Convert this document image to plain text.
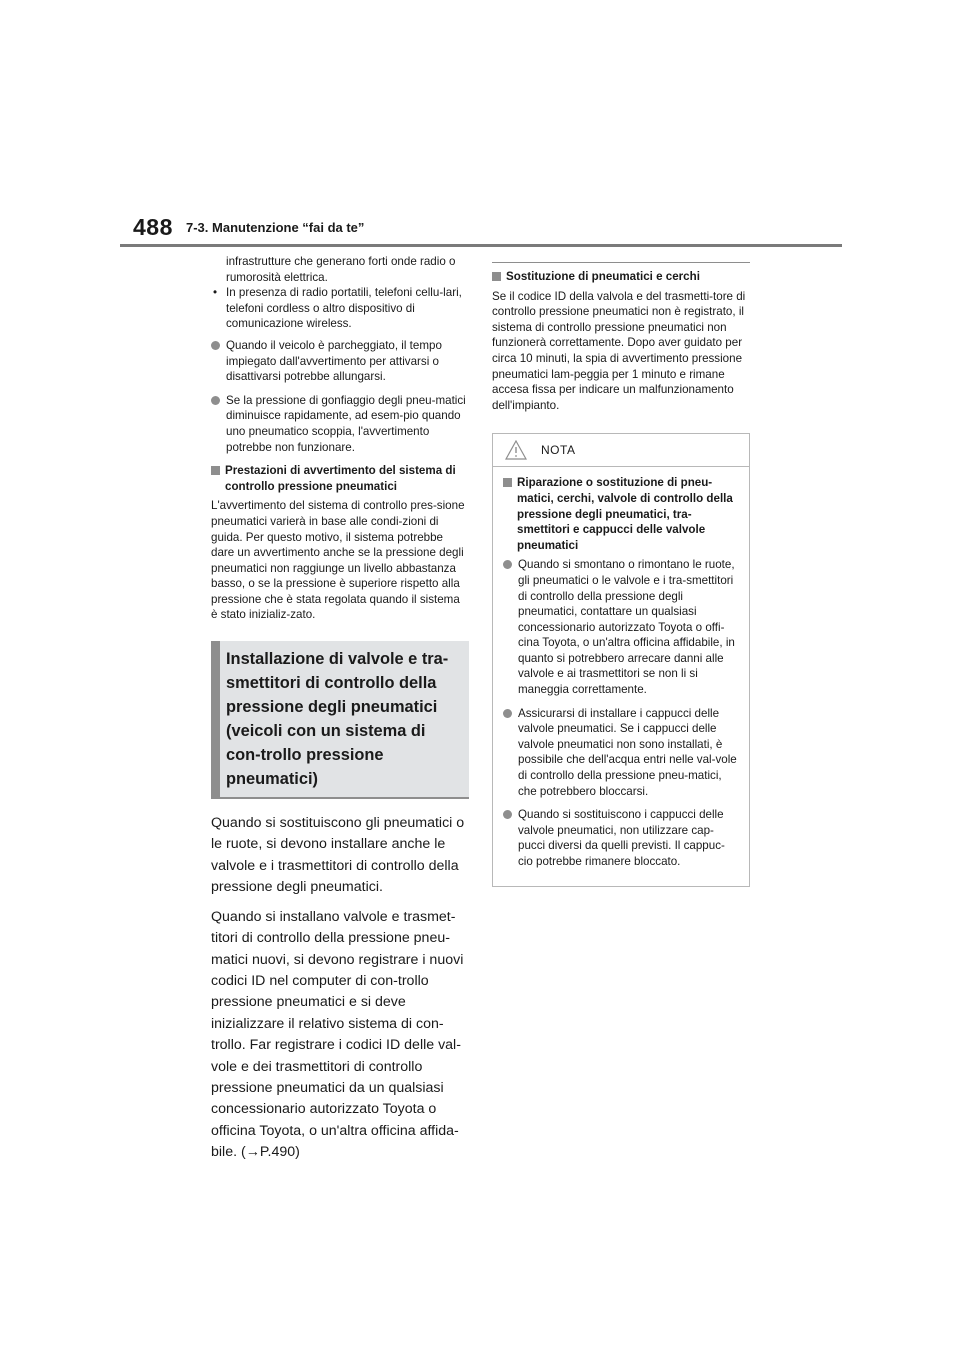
488 7-3. Manutenzione “fai da te”
infrastrutture che generano forti onde radio o rumorosità elettrica.
• In presenza di radio portatili, telefoni cellu-lari, telefoni cordless o altro dispositivo di comunicazione wireless.
Quando il veicolo è parcheggiato, il tempo impiegato dall'avvertimento per attivarsi o disattivarsi potrebbe allungarsi.
Se la pressione di gonfiaggio degli pneu-matici diminuisce rapidamente, ad esem-pio quando uno pneumatico scoppia, l'avvertimento potrebbe non funzionare.
Prestazioni di avvertimento del sistema di controllo pressione pneumatici

L'avvertimento del sistema di controllo pres-sione pneumatici varierà in base alle condi-zioni di guida. Per questo motivo, il sistema potrebbe dare un avvertimento anche se la pressione degli pneumatici non raggiunge un livello abbastanza basso, o se la pressione è superiore rispetto alla pressione che è stata regolata quando il sistema è stato inizializ-zato.

Installazione di valvole e tra-smettitori di controllo della pressione degli pneumatici (veicoli con un sistema di con-trollo pressione pneumatici)

Quando si sostituiscono gli pneumatici o le ruote, si devono installare anche le valvole e i trasmettitori di controllo della pressione degli pneumatici.

Quando si installano valvole e trasmet-titori di controllo della pressione pneu-matici nuovi, si devono registrare i nuovi codici ID nel computer di con-trollo pressione pneumatici e si deve inizializzare il relativo sistema di con-trollo. Far registrare i codici ID delle val-vole e dei trasmettitori di controllo pressione pneumatici da un qualsiasi concessionario autorizzato Toyota o officina Toyota, o un'altra officina affida-bile. (→P.490)

Sostituzione di pneumatici e cerchi

Se il codice ID della valvola e del trasmetti-tore di controllo pressione pneumatici non è registrato, il sistema di controllo pressione pneumatici non funzionerà correttamente. Dopo aver guidato per circa 10 minuti, la spia di avvertimento pressione pneumatici lam-peggia per 1 minuto e rimane accesa fissa per indicare un malfunzionamento dell'impianto.

NOTA
Riparazione o sostituzione di pneu-matici, cerchi, valvole di controllo della pressione degli pneumatici, tra-smettitori e cappucci delle valvole pneumatici
Quando si smontano o rimontano le ruote, gli pneumatici o le valvole e i tra-smettitori di controllo della pressione degli pneumatici, contattare un qualsiasi concessionario autorizzato Toyota o offi-cina Toyota, o un'altra officina affidabile, in quanto si potrebbero arrecare danni alle valvole e ai trasmettitori se non li si maneggia correttamente.
Assicurarsi di installare i cappucci delle valvole pneumatici. Se i cappucci delle valvole pneumatici non sono installati, è possibile che dell'acqua entri nelle val-vole di controllo della pressione pneu-matici, che potrebbero bloccarsi.
Quando si sostituiscono i cappucci delle valvole pneumatici, non utilizzare cap-pucci diversi da quelli previsti. Il cappuc-cio potrebbe rimanere bloccato.
